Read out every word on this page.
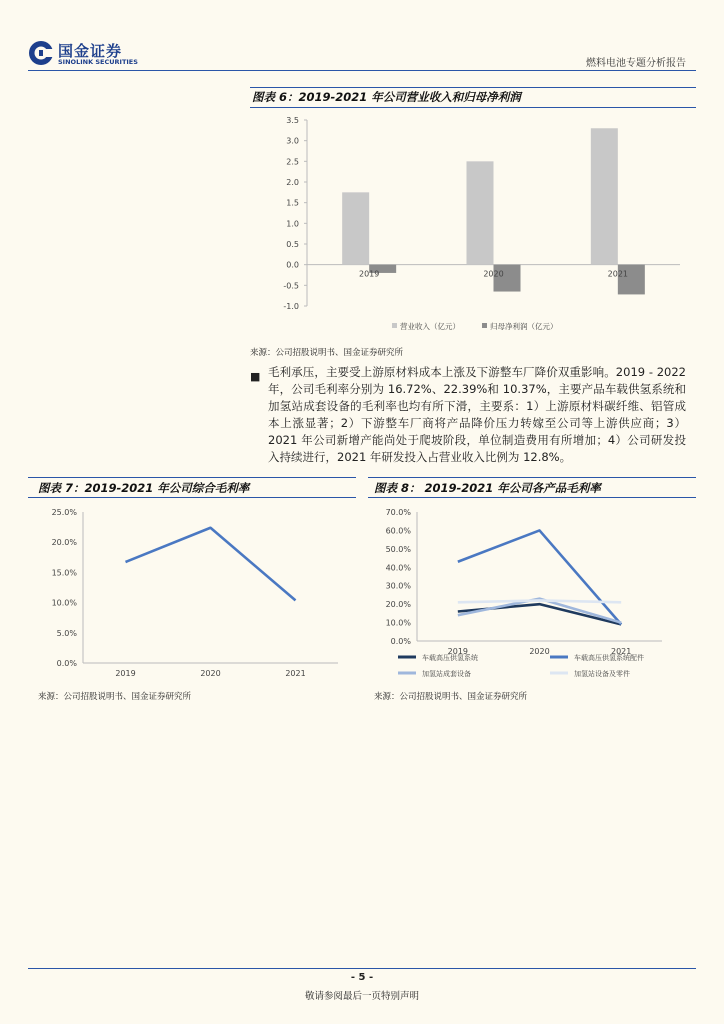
国金证券
SINOLINK SECURITIES	燃料电池专题分析报告
图表 6：2019-2021 年公司营业收入和归母净利润
3.5
3.0
2.5
2.0
1.5
1.0
0.5
0.0
-0.5
-1.0
2019	2020	2021
营业收入（亿元）	归母净利润（亿元）
来源：公司招股说明书、国金证券研究所
■ 毛利承压，主要受上游原材料成本上涨及下游整车厂降价双重影响。2019 - 2022 年，公司毛利率分别为 16.72%、22.39%和 10.37%，主要产品车载供氢系统和加氢站成套设备的毛利率也均有所下滑，主要系：1）上游原材料碳纤维、铝管成本上涨显著；2）下游整车厂商将产品降价压力转嫁至公司等上游供应商；3）2021 年公司新增产能尚处于爬坡阶段，单位制造费用有所增加；4）公司研发投入持续进行，2021 年研发投入占营业收入比例为 12.8%。
图表 7：2019-2021 年公司综合毛利率
25.0%
20.0%
15.0%
10.0%
5.0%
0.0%
2019	2020	2021
来源：公司招股说明书、国金证券研究所
图表 8： 2019-2021 年公司各产品毛利率
70.0%
60.0%
50.0%
40.0%
30.0%
20.0%
10.0%
0.0%
2019	2020	2021
车载高压供氢系统	车载高压供氢系统配件
加氢站成套设备	加氢站设备及零件
来源：公司招股说明书、国金证券研究所
- 5 -
敬请参阅最后一页特别声明
